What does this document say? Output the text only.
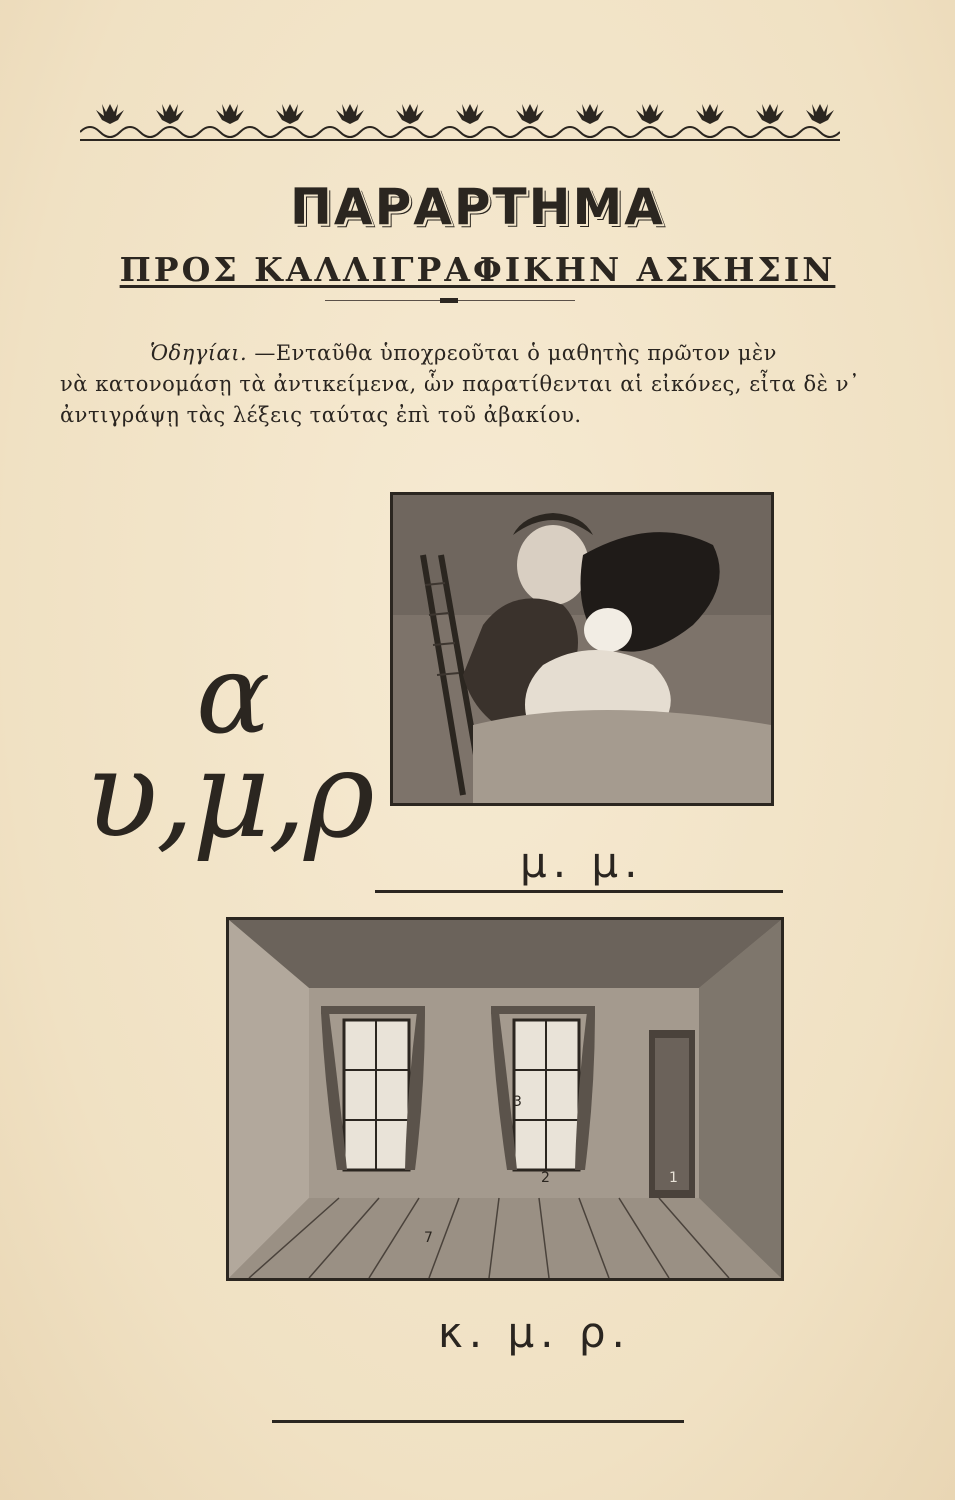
ΠΑΡΑΡΤΗΜΑ
ΠΡΟΣ ΚΑΛΛΙΓΡΑΦΙΚΗΝ ΑΣΚΗΣΙΝ
Ὁδηγίαι. —Ενταῦθα ὑποχρεοῦται ὁ μαθητὴς πρῶτον μὲν
νὰ κατονομάσῃ τὰ ἀντικείμενα, ὧν παρατίθενται αἱ εἰκόνες, εἶτα δὲ ν᾽ ἀντιγράψῃ τὰς λέξεις ταύτας ἐπὶ τοῦ ἀβακίου.
α
υ,μ,ρ	μ. μ.
1
2
3
7
κ. μ. ρ.
